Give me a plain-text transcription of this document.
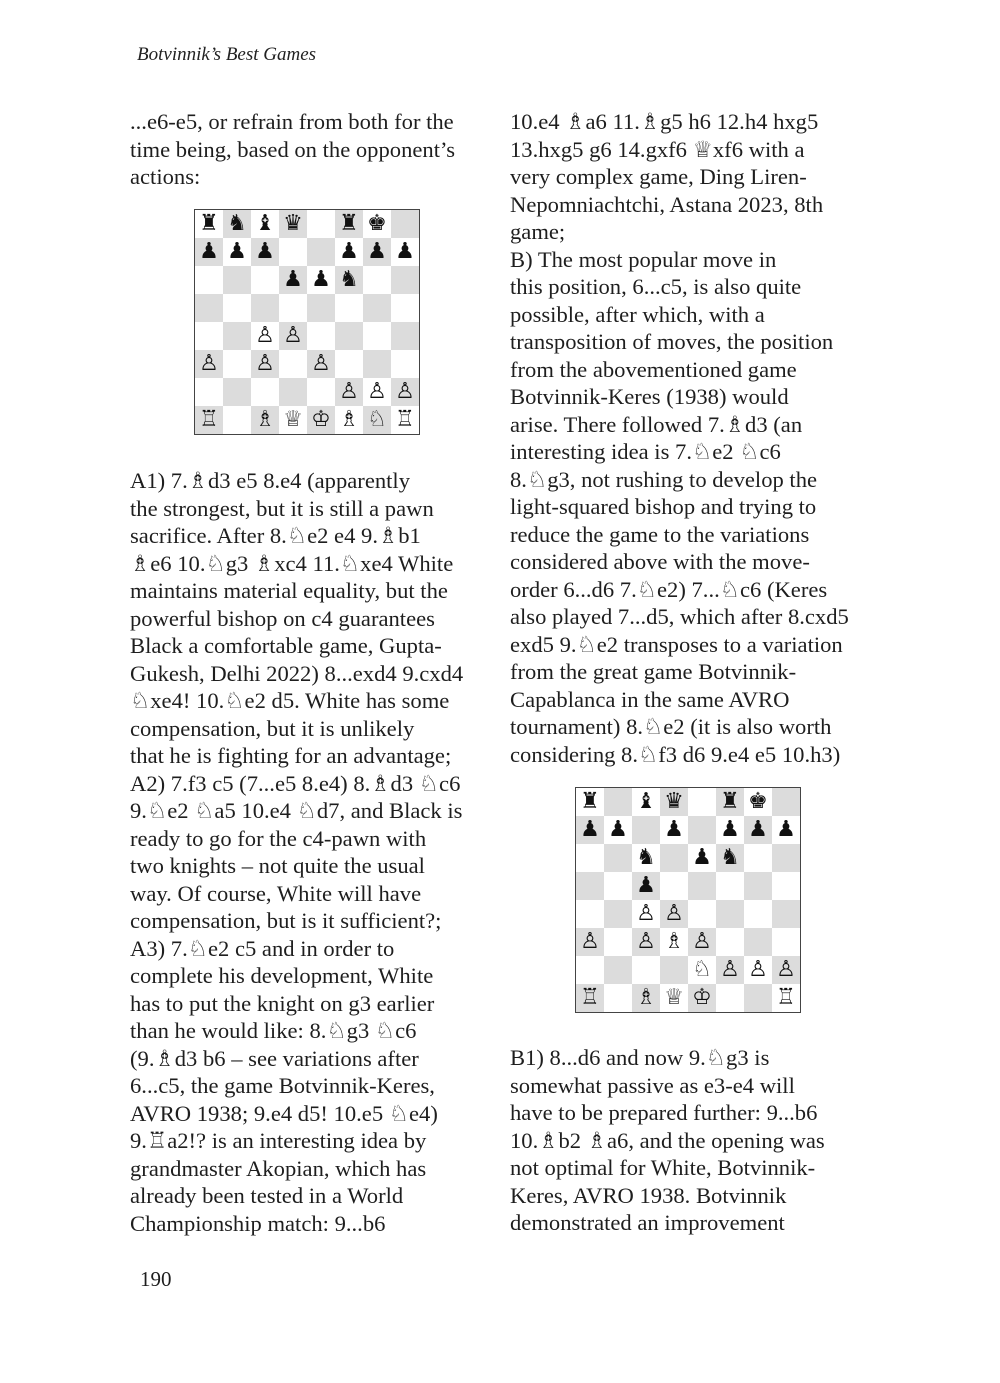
Botvinnik’s Best Games
...e6-e5, or refrain from both for the
time being, based on the opponent’s
actions:
♜ ♞ ♝ ♛ ♜ ♚
♟ ♟ ♟	♟ ♟ ♟
♟ ♟ ♞
♙ ♙
♙ ♙ ♙
♙ ♙ ♙
♖ ♗ ♕ ♔ ♗ ♘ ♖
A1) 7.♗d3 e5 8.e4 (apparently
the strongest, but it is still a pawn
sacrifice. After 8.♘e2 e4 9.♗b1
♗e6 10.♘g3 ♗xc4 11.♘xe4 White
maintains material equality, but the
powerful bishop on c4 guarantees
Black a comfortable game, Gupta-
Gukesh, Delhi 2022) 8...exd4 9.cxd4
♘xe4! 10.♘e2 d5. White has some
compensation, but it is unlikely
that he is fighting for an advantage;
A2) 7.f3 c5 (7...e5 8.e4) 8.♗d3 ♘c6
9.♘e2 ♘a5 10.e4 ♘d7, and Black is
ready to go for the c4-pawn with
two knights – not quite the usual
way. Of course, White will have
compensation, but is it sufficient?;
A3) 7.♘e2 c5 and in order to
complete his development, White
has to put the knight on g3 earlier
than he would like: 8.♘g3 ♘c6
(9.♗d3 b6 – see variations after
6...c5, the game Botvinnik-Keres,
AVRO 1938; 9.e4 d5! 10.e5 ♘e4)
9.♖a2!? is an interesting idea by
grandmaster Akopian, which has
already been tested in a World
Championship match: 9...b6
10.e4 ♗a6 11.♗g5 h6 12.h4 hxg5
13.hxg5 g6 14.gxf6 ♕xf6 with a
very complex game, Ding Liren-
Nepomniachtchi, Astana 2023, 8th
game;
B) The most popular move in
this position, 6...c5, is also quite
possible, after which, with a
transposition of moves, the position
from the abovementioned game
Botvinnik-Keres (1938) would
arise. There followed 7.♗d3 (an
interesting idea is 7.♘e2 ♘c6
8.♘g3, not rushing to develop the
light-squared bishop and trying to
reduce the game to the variations
considered above with the move-
order 6...d6 7.♘e2) 7...♘c6 (Keres
also played 7...d5, which after 8.cxd5
exd5 9.♘e2 transposes to a variation
from the great game Botvinnik-
Capablanca in the same AVRO
tournament) 8.♘e2 (it is also worth
considering 8.♘f3 d6 9.e4 e5 10.h3)
♜ ♝ ♛ ♜ ♚
♟ ♟ ♟ ♟ ♟ ♟
♞ ♟ ♞
♟
♙ ♙
♙ ♙ ♗ ♙
♘ ♙ ♙ ♙
♖ ♗ ♕ ♔	♖
B1) 8...d6 and now 9.♘g3 is
somewhat passive as e3-e4 will
have to be prepared further: 9...b6
10.♗b2 ♗a6, and the opening was
not optimal for White, Botvinnik-
Keres, AVRO 1938. Botvinnik
demonstrated an improvement
190
